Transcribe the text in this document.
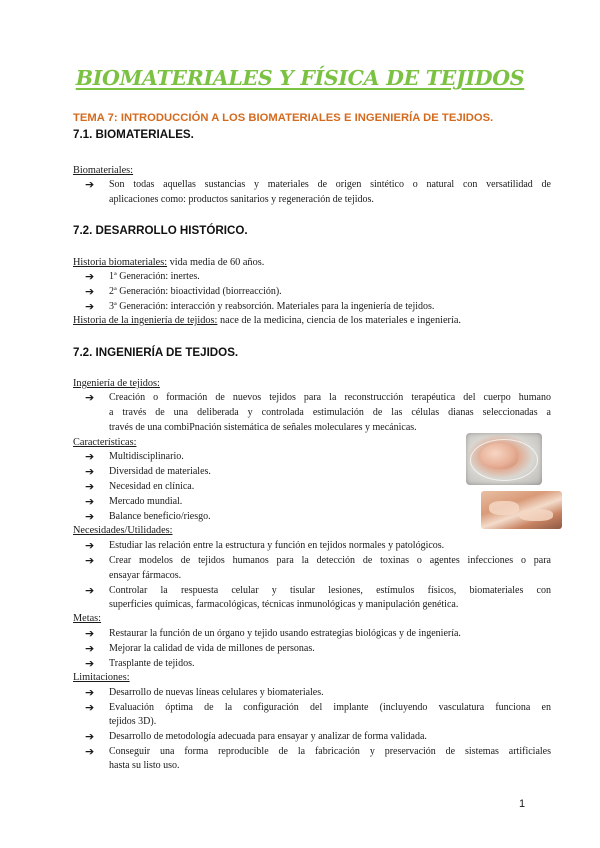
BIOMATERIALES Y FÍSICA DE TEJIDOS
TEMA 7: INTRODUCCIÓN A LOS BIOMATERIALES E INGENIERÍA DE TEJIDOS.
7.1. BIOMATERIALES.
Biomateriales:
➔ Son todas aquellas sustancias y materiales de origen sintético o natural con versatilidad de
aplicaciones como: productos sanitarios y regeneración de tejidos.
7.2. DESARROLLO HISTÓRICO.
Historia biomateriales: vida media de 60 años.
➔ 1ª Generación: inertes.
➔ 2ª Generación: bioactividad (biorreacción).
➔ 3ª Generación: interacción y reabsorción. Materiales para la ingeniería de tejidos.
Historia de la ingeniería de tejidos: nace de la medicina, ciencia de los materiales e ingeniería.
7.2. INGENIERÍA DE TEJIDOS.
Ingeniería de tejidos:
➔ Creación o formación de nuevos tejidos para la reconstrucción terapéutica del cuerpo humano
a través de una deliberada y controlada estimulación de las células dianas seleccionadas a
través de una combiPnación sistemática de señales moleculares y mecánicas.
Características:
➔ Multidisciplinario.
➔ Diversidad de materiales.
➔ Necesidad en clínica.
➔ Mercado mundial.
➔ Balance beneficio/riesgo.
Necesidades/Utilidades:
➔ Estudiar las relación entre la estructura y función en tejidos normales y patológicos.
➔ Crear modelos de tejidos humanos para la detección de toxinas o agentes infecciones o para
ensayar fármacos.
➔ Controlar la respuesta celular y tisular lesiones, estímulos físicos, biomateriales con
superficies químicas, farmacológicas, técnicas inmunológicas y manipulación genética.
Metas:
➔ Restaurar la función de un órgano y tejido usando estrategias biológicas y de ingeniería.
➔ Mejorar la calidad de vida de millones de personas.
➔ Trasplante de tejidos.
Limitaciones:
➔ Desarrollo de nuevas líneas celulares y biomateriales.
➔ Evaluación óptima de la configuración del implante (incluyendo vasculatura funciona en
tejidos 3D).
➔ Desarrollo de metodología adecuada para ensayar y analizar de forma validada.
➔ Conseguir una forma reproducible de la fabricación y preservación de sistemas artificiales
hasta su listo uso.
1
